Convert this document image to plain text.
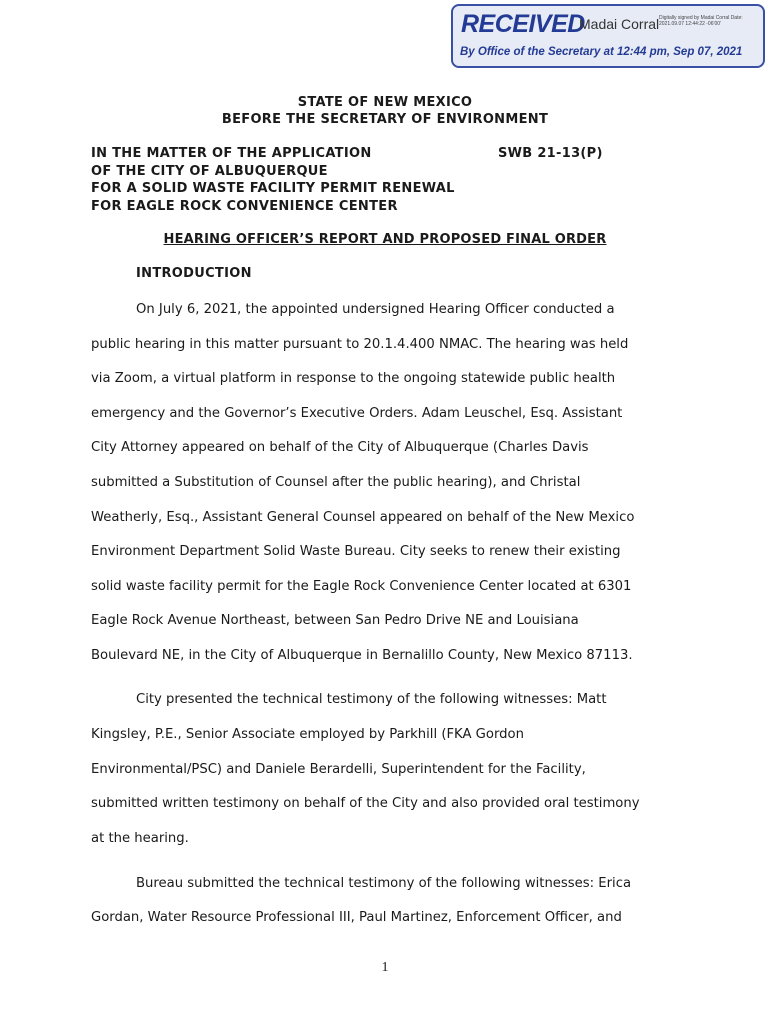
RECEIVED
Madai Corral Digitally signed by Madai Corral Date: 2021.09.07 12:44:22 -06'00'
By Office of the Secretary at 12:44 pm, Sep 07, 2021
STATE OF NEW MEXICO
BEFORE THE SECRETARY OF ENVIRONMENT
IN THE MATTER OF THE APPLICATION
OF THE CITY OF ALBUQUERQUE
FOR A SOLID WASTE FACILITY PERMIT RENEWAL
FOR EAGLE ROCK CONVENIENCE CENTER
SWB 21-13(P)
HEARING OFFICER’S REPORT AND PROPOSED FINAL ORDER
INTRODUCTION
On July 6, 2021, the appointed undersigned Hearing Officer conducted a
public hearing in this matter pursuant to 20.1.4.400 NMAC. The hearing was held
via Zoom, a virtual platform in response to the ongoing statewide public health
emergency and the Governor’s Executive Orders. Adam Leuschel, Esq. Assistant
City Attorney appeared on behalf of the City of Albuquerque (Charles Davis
submitted a Substitution of Counsel after the public hearing), and Christal
Weatherly, Esq., Assistant General Counsel appeared on behalf of the New Mexico
Environment Department Solid Waste Bureau. City seeks to renew their existing
solid waste facility permit for the Eagle Rock Convenience Center located at 6301
Eagle Rock Avenue Northeast, between San Pedro Drive NE and Louisiana
Boulevard NE, in the City of Albuquerque in Bernalillo County, New Mexico 87113.
City presented the technical testimony of the following witnesses: Matt
Kingsley, P.E., Senior Associate employed by Parkhill (FKA Gordon
Environmental/PSC) and Daniele Berardelli, Superintendent for the Facility,
submitted written testimony on behalf of the City and also provided oral testimony
at the hearing.
Bureau submitted the technical testimony of the following witnesses: Erica
Gordan, Water Resource Professional III, Paul Martinez, Enforcement Officer, and
1
